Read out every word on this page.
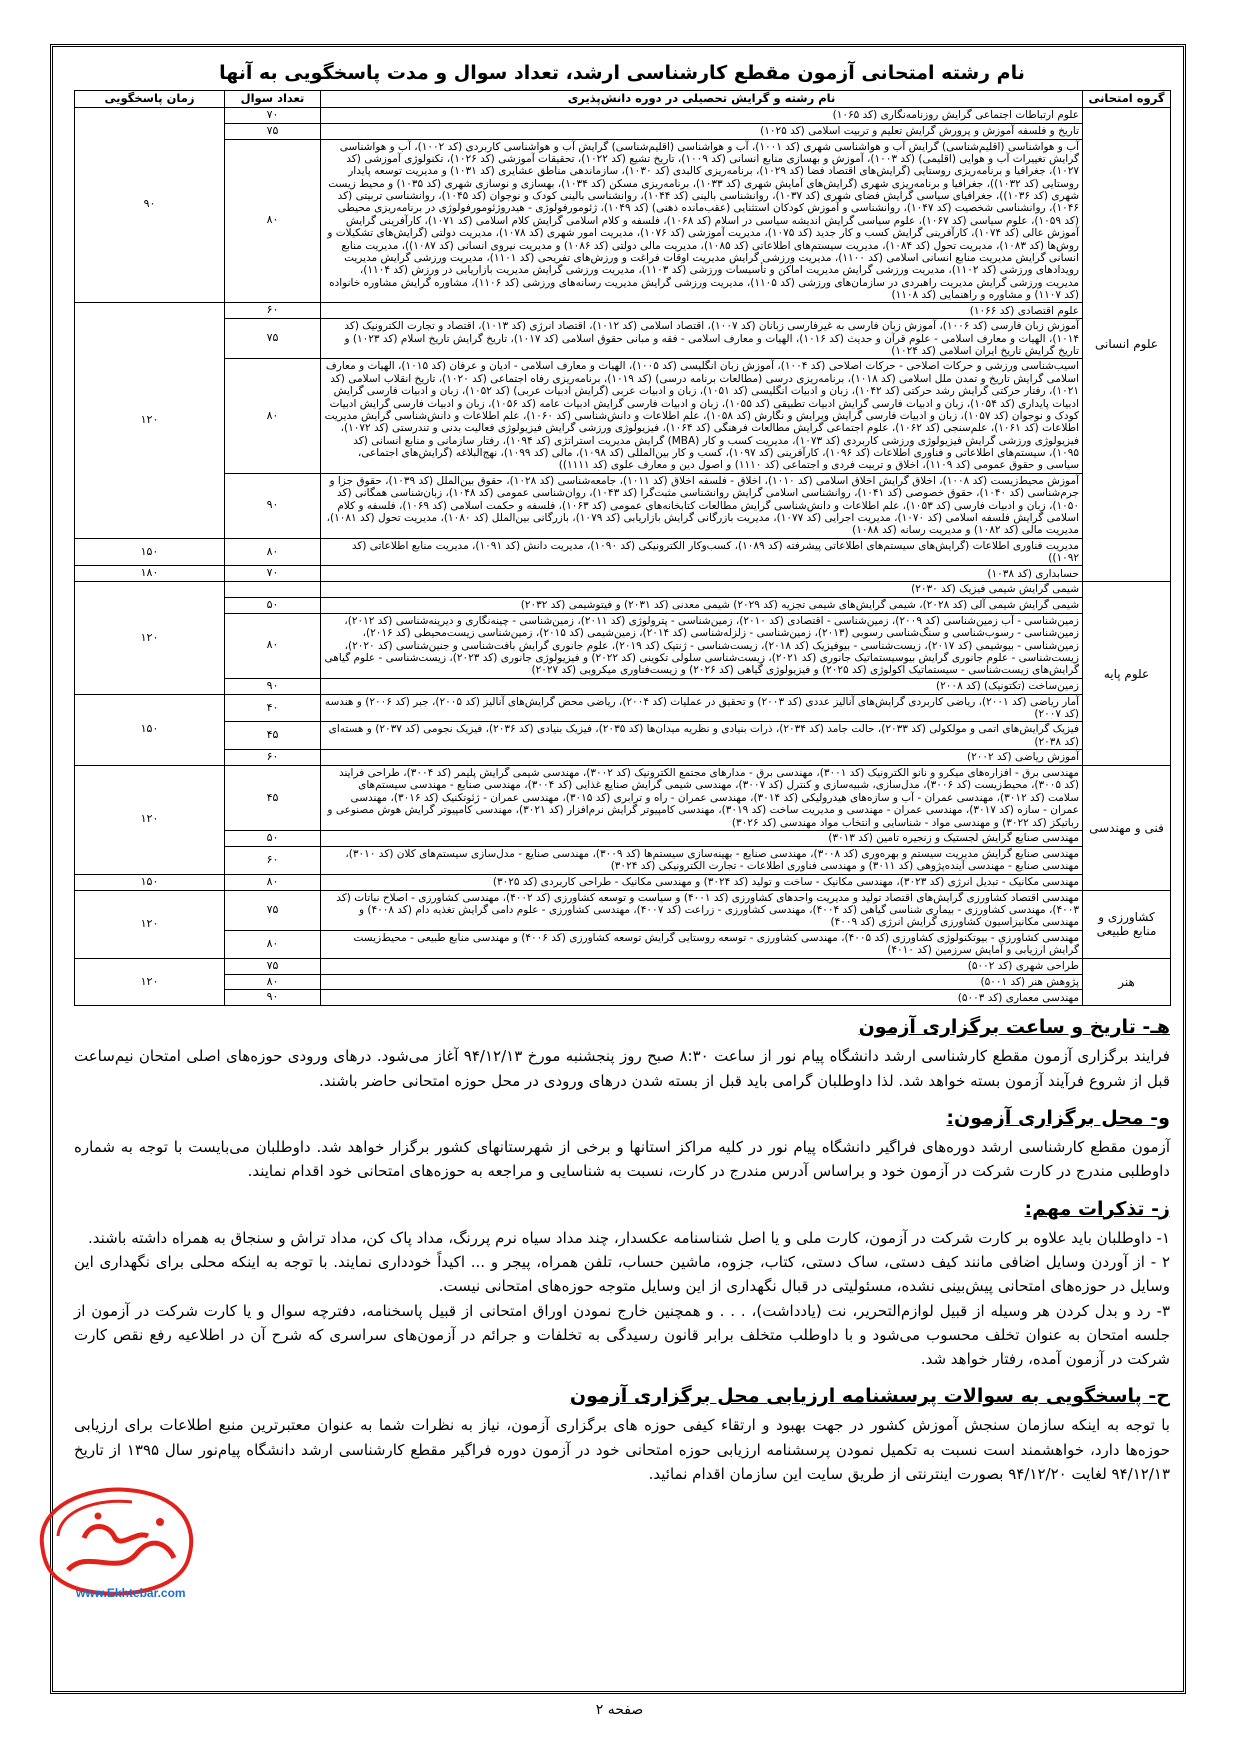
نام رشته امتحانی آزمون مقطع کارشناسی ارشد، تعداد سوال و مدت پاسخگویی به آنها
گروه امتحانی	نام رشته و گرایش تحصیلی در دوره دانش‌پذیری	تعداد سوال	زمان پاسخگویی
علوم انسانی	علوم ارتباطات اجتماعی گرایش روزنامه‌نگاری (کد ۱۰۶۵)	۷۰	۹۰
	تاریخ و فلسفه آموزش و پرورش گرایش تعلیم و تربیت اسلامی (کد ۱۰۲۵)	۷۵	
	آب و هواشناسی (اقلیم‌شناسی) گرایش آب و هواشناسی شهری (کد ۱۰۰۱)، آب و هواشناسی (اقلیم‌شناسی) گرایش آب و هواشناسی کاربردی (کد ۱۰۰۲)، آب و هواشناسی گرایش تغییرات آب و هوایی (اقلیمی) (کد ۱۰۰۳)، آموزش و بهسازی منابع انسانی (کد ۱۰۰۹)، تاریخ تشیع (کد ۱۰۲۲)، تحقیقات آموزشی (کد ۱۰۲۶)، تکنولوژی آموزشی (کد ۱۰۲۷)، جغرافیا و برنامه‌ریزی روستایی (گرایش‌های اقتصاد فضا (کد ۱۰۲۹)، برنامه‌ریزی کالبدی (کد ۱۰۳۰)، سازماندهی مناطق عشایری (کد ۱۰۳۱) و مدیریت توسعه پایدار روستایی (کد ۱۰۳۲))، جغرافیا و برنامه‌ریزی شهری (گرایش‌های آمایش شهری (کد ۱۰۳۳)، برنامه‌ریزی مسکن (کد ۱۰۳۴)، بهسازی و نوسازی شهری (کد ۱۰۳۵) و محیط زیست شهری (کد ۱۰۳۶))، جغرافیای سیاسی گرایش فضای شهری (کد ۱۰۳۷)، روانشناسی بالینی (کد ۱۰۴۴)، روانشناسی بالینی کودک و نوجوان (کد ۱۰۴۵)، روانشناسی تربیتی (کد ۱۰۴۶)، روانشناسی شخصیت (کد ۱۰۴۷)، روانشناسی و آموزش کودکان استثنایی (عقب‌مانده ذهنی) (کد ۱۰۴۹)، ژئومورفولوژی - هیدروژئومورفولوژی در برنامه‌ریزی محیطی (کد ۱۰۵۹)، علوم سیاسی (کد ۱۰۶۷)، علوم سیاسی گرایش اندیشه سیاسی در اسلام (کد ۱۰۶۸)، فلسفه و کلام اسلامی گرایش کلام اسلامی (کد ۱۰۷۱)، کارآفرینی گرایش آموزش عالی (کد ۱۰۷۴)، کارآفرینی گرایش کسب و کار جدید (کد ۱۰۷۵)، مدیریت آموزشی (کد ۱۰۷۶)، مدیریت امور شهری (کد ۱۰۷۸)، مدیریت دولتی (گرایش‌های تشکیلات و روش‌ها (کد ۱۰۸۳)، مدیریت تحول (کد ۱۰۸۴)، مدیریت سیستم‌های اطلاعاتی (کد ۱۰۸۵)، مدیریت مالی دولتی (کد ۱۰۸۶) و مدیریت نیروی انسانی (کد ۱۰۸۷))، مدیریت منابع انسانی گرایش مدیریت منابع انسانی اسلامی (کد ۱۱۰۰)، مدیریت ورزشی گرایش مدیریت اوقات فراغت و ورزش‌های تفریحی (کد ۱۱۰۱)، مدیریت ورزشی گرایش مدیریت رویدادهای ورزشی (کد ۱۱۰۲)، مدیریت ورزشی گرایش مدیریت اماکن و تأسیسات ورزشی (کد ۱۱۰۳)، مدیریت ورزشی گرایش مدیریت بازاریابی در ورزش (کد ۱۱۰۴)، مدیریت ورزشی گرایش مدیریت راهبردی در سازمان‌های ورزشی (کد ۱۱۰۵)، مدیریت ورزشی گرایش مدیریت رسانه‌های ورزشی (کد ۱۱۰۶)، مشاوره گرایش مشاوره خانواده (کد ۱۱۰۷) و مشاوره و راهنمایی (کد ۱۱۰۸)	۸۰	
	علوم اقتصادی (کد ۱۰۶۶)	۶۰	۱۲۰
	آموزش زبان فارسی (کد ۱۰۰۶)، آموزش زبان فارسی به غیرفارسی زبانان (کد ۱۰۰۷)، اقتصاد اسلامی (کد ۱۰۱۲)، اقتصاد انرژی (کد ۱۰۱۳)، اقتصاد و تجارت الکترونیک (کد ۱۰۱۴)، الهیات و معارف اسلامی - علوم قرآن و حدیث (کد ۱۰۱۶)، الهیات و معارف اسلامی - فقه و مبانی حقوق اسلامی (کد ۱۰۱۷)، تاریخ گرایش تاریخ اسلام (کد ۱۰۲۳) و تاریخ گرایش تاریخ ایران اسلامی (کد ۱۰۲۴)	۷۵	
	اسیب‌شناسی ورزشی و حرکات اصلاحی - حرکات اصلاحی (کد ۱۰۰۴)، آموزش زبان انگلیسی (کد ۱۰۰۵)، الهیات و معارف اسلامی - ادیان و عرفان (کد ۱۰۱۵)، الهیات و معارف اسلامی گرایش تاریخ و تمدن ملل اسلامی (کد ۱۰۱۸)، برنامه‌ریزی درسی (مطالعات برنامه درسی) (کد ۱۰۱۹)، برنامه‌ریزی رفاه اجتماعی (کد ۱۰۲۰)، تاریخ انقلاب اسلامی (کد ۱۰۲۱)، رفتار حرکتی گرایش رشد حرکتی (کد ۱۰۴۲)، زبان و ادبیات انگلیسی (کد ۱۰۵۱)، زبان و ادبیات عربی (گرایش ادبیات عربی) (کد ۱۰۵۲)، زبان و ادبیات فارسی گرایش ادبیات پایداری (کد ۱۰۵۴)، زبان و ادبیات فارسی گرایش ادبیات تطبیقی (کد ۱۰۵۵)، زبان و ادبیات فارسی گرایش ادبیات عامه (کد ۱۰۵۶)، زبان و ادبیات فارسی گرایش ادبیات کودک و نوجوان (کد ۱۰۵۷)، زبان و ادبیات فارسی گرایش ویرایش و نگارش (کد ۱۰۵۸)، علم اطلاعات و دانش‌شناسی (کد ۱۰۶۰)، علم اطلاعات و دانش‌شناسی گرایش مدیریت اطلاعات (کد ۱۰۶۱)، علم‌سنجی (کد ۱۰۶۲)، علوم اجتماعی گرایش مطالعات فرهنگی (کد ۱۰۶۴)، فیزیولوژی ورزشی گرایش فیزیولوژی فعالیت بدنی و تندرستی (کد ۱۰۷۲)، فیزیولوژی ورزشی گرایش فیزیولوژی ورزشی کاربردی (کد ۱۰۷۳)، مدیریت کسب و کار (MBA) گرایش مدیریت استراتژی (کد ۱۰۹۴)، رفتار سازمانی و منابع انسانی (کد ۱۰۹۵)، سیستم‌های اطلاعاتی و فناوری اطلاعات (کد ۱۰۹۶)، کارآفرینی (کد ۱۰۹۷)، کسب و کار بین‌المللی (کد ۱۰۹۸)، مالی (کد ۱۰۹۹)، نهج‌البلاغه (گرایش‌های اجتماعی، سیاسی و حقوق عمومی (کد ۱۱۰۹)، اخلاق و تربیت فردی و اجتماعی (کد ۱۱۱۰) و اصول دین و معارف علوی (کد ۱۱۱۱))	۸۰	
	آموزش محیط‌زیست (کد ۱۰۰۸)، اخلاق گرایش اخلاق اسلامی (کد ۱۰۱۰)، اخلاق - فلسفه اخلاق (کد ۱۰۱۱)، جامعه‌شناسی (کد ۱۰۲۸)، حقوق بین‌الملل (کد ۱۰۳۹)، حقوق جزا و جرم‌شناسی (کد ۱۰۴۰)، حقوق خصوصی (کد ۱۰۴۱)، روانشناسی اسلامی گرایش روانشناسی مثبت‌گرا (کد ۱۰۴۳)، روان‌شناسی عمومی (کد ۱۰۴۸)، زبان‌شناسی همگانی (کد ۱۰۵۰)، زبان و ادبیات فارسی (کد ۱۰۵۳)، علم اطلاعات و دانش‌شناسی گرایش مطالعات کتابخانه‌های عمومی (کد ۱۰۶۳)، فلسفه و حکمت اسلامی (کد ۱۰۶۹)، فلسفه و کلام اسلامی گرایش فلسفه اسلامی (کد ۱۰۷۰)، مدیریت اجرایی (کد ۱۰۷۷)، مدیریت بازرگانی گرایش بازاریابی (کد ۱۰۷۹)، بازرگانی بین‌الملل (کد ۱۰۸۰)، مدیریت تحول (کد ۱۰۸۱)، مدیریت مالی (کد ۱۰۸۲) و مدیریت رسانه (کد ۱۰۸۸)	۹۰	
	مدیریت فناوری اطلاعات (گرایش‌های سیستم‌های اطلاعاتی پیشرفته (کد ۱۰۸۹)، کسب‌وکار الکترونیکی (کد ۱۰۹۰)، مدیریت دانش (کد ۱۰۹۱)، مدیریت منابع اطلاعاتی (کد ۱۰۹۲))	۸۰	۱۵۰
	حسابداری (کد ۱۰۳۸)	۷۰	۱۸۰
علوم پایه	شیمی گرایش شیمی فیزیک (کد ۲۰۳۰)		۱۲۰
	شیمی گرایش شیمی آلی (کد ۲۰۲۸)، شیمی گرایش‌های شیمی تجزیه (کد ۲۰۲۹) شیمی معدنی (کد ۲۰۳۱) و فیتوشیمی (کد ۲۰۳۲)	۵۰	
	زمین‌شناسی - آب زمین‌شناسی (کد ۲۰۰۹)، زمین‌شناسی - اقتصادی (کد ۲۰۱۰)، زمین‌شناسی - پترولوژی (کد ۲۰۱۱)، زمین‌شناسی - چینه‌نگاری و دیرینه‌شناسی (کد ۲۰۱۲)، زمین‌شناسی - رسوب‌شناسی و سنگ‌شناسی رسوبی (۲۰۱۳)، زمین‌شناسی - زلزله‌شناسی (کد ۲۰۱۴)، زمین‌شیمی (کد ۲۰۱۵)، زمین‌شناسی زیست‌محیطی (کد ۲۰۱۶)، زمین‌شناسی - بیوشیمی (کد ۲۰۱۷)، زیست‌شناسی - بیوفیزیک (کد ۲۰۱۸)، زیست‌شناسی - ژنتیک (کد ۲۰۱۹)، علوم جانوری گرایش بافت‌شناسی و جنین‌شناسی (کد ۲۰۲۰)، زیست‌شناسی - علوم جانوری گرایش بیوسیستماتیک جانوری (کد ۲۰۲۱)، زیست‌شناسی سلولی تکوینی (کد ۲۰۲۲) و فیزیولوژی جانوری (کد ۲۰۲۳)، زیست‌شناسی - علوم گیاهی گرایش‌های زیست‌شناسی - سیستماتیک اکولوژی (کد ۲۰۲۵) و فیزیولوژی گیاهی (کد ۲۰۲۶) و زیست‌فناوری میکروبی (کد ۲۰۲۷)	۸۰	
	زمین‌ساخت (تکتونیک) (کد ۲۰۰۸)	۹۰	
	آمار ریاضی (کد ۲۰۰۱)، ریاضی کاربردی گرایش‌های آنالیز عددی (کد ۲۰۰۳) و تحقیق در عملیات (کد ۲۰۰۴)، ریاضی محض گرایش‌های آنالیز (کد ۲۰۰۵)، جبر (کد ۲۰۰۶) و هندسه (کد ۲۰۰۷)	۴۰	۱۵۰
	فیزیک گرایش‌های اتمی و مولکولی (کد ۲۰۳۳)، حالت جامد (کد ۲۰۳۴)، ذرات بنیادی و نظریه میدان‌ها (کد ۲۰۳۵)، فیزیک بنیادی (کد ۲۰۳۶)، فیزیک نجومی (کد ۲۰۳۷) و هسته‌ای (کد ۲۰۳۸)	۴۵	
	آموزش ریاضی (کد ۲۰۰۲)	۶۰	
فنی و مهندسی	مهندسی برق - افزاره‌های میکرو و نانو الکترونیک (کد ۳۰۰۱)، مهندسی برق - مدارهای مجتمع الکترونیک (کد ۳۰۰۲)، مهندسی شیمی گرایش پلیمر (کد ۳۰۰۴)، طراحی فرایند (کد ۳۰۰۵)، محیط‌زیست (کد ۳۰۰۶)، مدل‌سازی، شبیه‌سازی و کنترل (کد ۳۰۰۷)، مهندسی شیمی گرایش صنایع غذایی (کد ۳۰۰۴)، مهندسی صنایع - مهندسی سیستم‌های سلامت (کد ۳۰۱۲)، مهندسی عمران - آب و سازه‌های هیدرولیکی (کد ۳۰۱۴)، مهندسی عمران - راه و ترابری (کد ۳۰۱۵)، مهندسی عمران - ژئوتکنیک (کد ۳۰۱۶)، مهندسی عمران - سازه (کد ۳۰۱۷)، مهندسی عمران - مهندسی و مدیریت ساخت (کد ۳۰۱۹)، مهندسی کامپیوتر گرایش نرم‌افزار (کد ۳۰۲۱)، مهندسی کامپیوتر گرایش هوش مصنوعی و رباتیکز (کد ۳۰۲۲) و مهندسی مواد - شناسایی و انتخاب مواد مهندسی (کد ۳۰۲۶)	۴۵	۱۲۰
	مهندسی صنایع گرایش لجستیک و زنجیره تامین (کد ۳۰۱۳)	۵۰	
	مهندسی صنایع گرایش مدیریت سیستم و بهره‌وری (کد ۳۰۰۸)، مهندسی صنایع - بهینه‌سازی سیستم‌ها (کد ۳۰۰۹)، مهندسی صنایع - مدل‌سازی سیستم‌های کلان (کد ۳۰۱۰)، مهندسی صنایع - مهندسی آینده‌پژوهی (کد ۳۰۱۱) و مهندسی فناوری اطلاعات - تجارت الکترونیکی (کد ۳۰۲۴)	۶۰	
	مهندسی مکانیک - تبدیل انرژی (کد ۳۰۲۳)، مهندسی مکانیک - ساخت و تولید (کد ۳۰۲۴) و مهندسی مکانیک - طراحی کاربردی (کد ۳۰۲۵)	۸۰	۱۵۰
کشاورزی و منابع طبیعی	مهندسی اقتصاد کشاورزی گرایش‌های اقتصاد تولید و مدیریت واحدهای کشاورزی (کد ۴۰۰۱) و سیاست و توسعه کشاورزی (کد ۴۰۰۲)، مهندسی کشاورزی - اصلاح نباتات (کد ۴۰۰۳)، مهندسی کشاورزی - بیماری شناسی گیاهی (کد ۴۰۰۴)، مهندسی کشاورزی - زراعت (کد ۴۰۰۷)، مهندسی کشاورزی - علوم دامی گرایش تغذیه دام (کد ۴۰۰۸) و مهندسی مکانیزاسیون کشاورزی گرایش انرژی (کد ۴۰۰۹)	۷۵	۱۲۰
	مهندسی کشاورزی - بیوتکنولوژی کشاورزی (کد ۴۰۰۵)، مهندسی کشاورزی - توسعه روستایی گرایش توسعه کشاورزی (کد ۴۰۰۶) و مهندسی منابع طبیعی - محیط‌زیست گرایش ارزیابی و آمایش سرزمین (کد ۴۰۱۰)	۸۰	
هنر	طراحی شهری (کد ۵۰۰۲)	۷۵	۱۲۰
	پژوهش هنر (کد ۵۰۰۱)	۸۰	
	مهندسی معماری (کد ۵۰۰۳)	۹۰	
هـ- تاریخ و ساعت برگزاری آزمون

فرایند برگزاری آزمون مقطع کارشناسی ارشد دانشگاه پیام نور از ساعت ۸:۳۰ صبح روز پنجشنبه مورخ ۹۴/۱۲/۱۳ آغاز می‌شود. درهای ورودی حوزه‌های اصلی امتحان نیم‌ساعت قبل از شروع فرآیند آزمون بسته خواهد شد. لذا داوطلبان گرامی باید قبل از بسته شدن درهای ورودی در محل حوزه امتحانی حاضر باشند.

و- محل برگزاری آزمون:

آزمون مقطع کارشناسی ارشد دوره‌های فراگیر دانشگاه پیام نور در کلیه مراکز استانها و برخی از شهرستانهای کشور برگزار خواهد شد. داوطلبان می‌بایست با توجه به شماره داوطلبی مندرج در کارت شرکت در آزمون خود و براساس آدرس مندرج در کارت، نسبت به شناسایی و مراجعه به حوزه‌های امتحانی خود اقدام نمایند.

ز- تذکرات مهم:

۱- داوطلبان باید علاوه بر کارت شرکت در آزمون، کارت ملی و یا اصل شناسنامه عکسدار، چند مداد سیاه نرم پررنگ، مداد پاک کن، مداد تراش و سنجاق به همراه داشته باشند.

۲ - از آوردن وسایل اضافی مانند کیف دستی، ساک دستی، کتاب، جزوه، ماشین حساب، تلفن همراه، پیجر و ... اکیداً خودداری نمایند. با توجه به اینکه محلی برای نگهداری این وسایل در حوزه‌های امتحانی پیش‌بینی نشده، مسئولیتی در قبال نگهداری از این وسایل متوجه حوزه‌های امتحانی نیست.

۳- رد و بدل کردن هر وسیله از قبیل لوازم‌التحریر، نت (یادداشت)، . . . و همچنین خارج نمودن اوراق امتحانی از قبیل پاسخنامه، دفترچه سوال و یا کارت شرکت در آزمون از جلسه امتحان به عنوان تخلف محسوب می‌شود و با داوطلب متخلف برابر قانون رسیدگی به تخلفات و جرائم در آزمون‌های سراسری که شرح آن در اطلاعیه رفع نقص کارت شرکت در آزمون آمده، رفتار خواهد شد.

ح- پاسخگویی به سوالات پرسشنامه ارزیابی محل برگزاری آزمون

با توجه به اینکه سازمان سنجش آموزش کشور در جهت بهبود و ارتقاء کیفی حوزه های برگزاری آزمون، نیاز به نظرات شما به عنوان معتبرترین منبع اطلاعات برای ارزیابی حوزه‌ها دارد، خواهشمند است نسبت به تکمیل نمودن پرسشنامه ارزیابی حوزه امتحانی خود در آزمون دوره فراگیر مقطع کارشناسی ارشد دانشگاه پیام‌نور سال ۱۳۹۵ از تاریخ ۹۴/۱۲/۱۳ لغایت ۹۴/۱۲/۲۰ بصورت اینترنتی از طریق سایت این سازمان اقدام نمائید.

www.Ekhtebar.com
صفحه ۲
